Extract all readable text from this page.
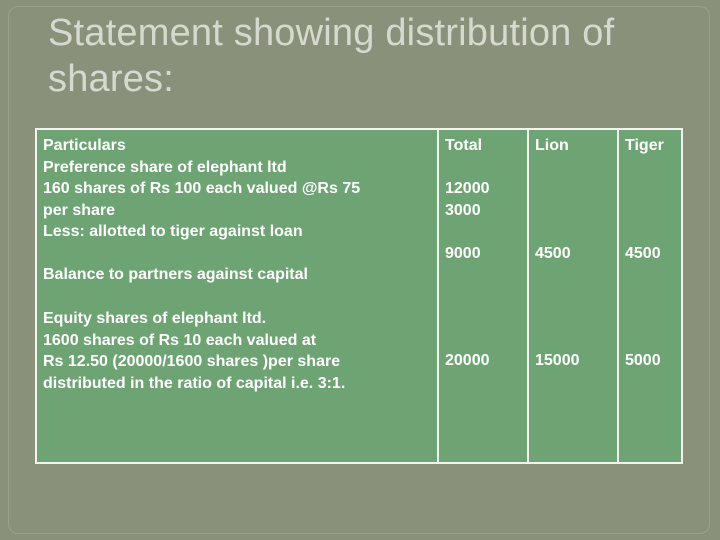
Statement showing distribution of
shares:
Particulars
Preference share of elephant ltd
160 shares of Rs 100 each valued @Rs 75
per share
Less: allotted to tiger against loan
Balance to partners against capital
Equity shares of elephant ltd.
1600 shares of Rs 10 each valued at
Rs 12.50 (20000/1600 shares )per share
distributed in the ratio of capital i.e. 3:1.
Total
12000
3000
9000
20000
Lion
4500
15000
Tiger
4500
5000
